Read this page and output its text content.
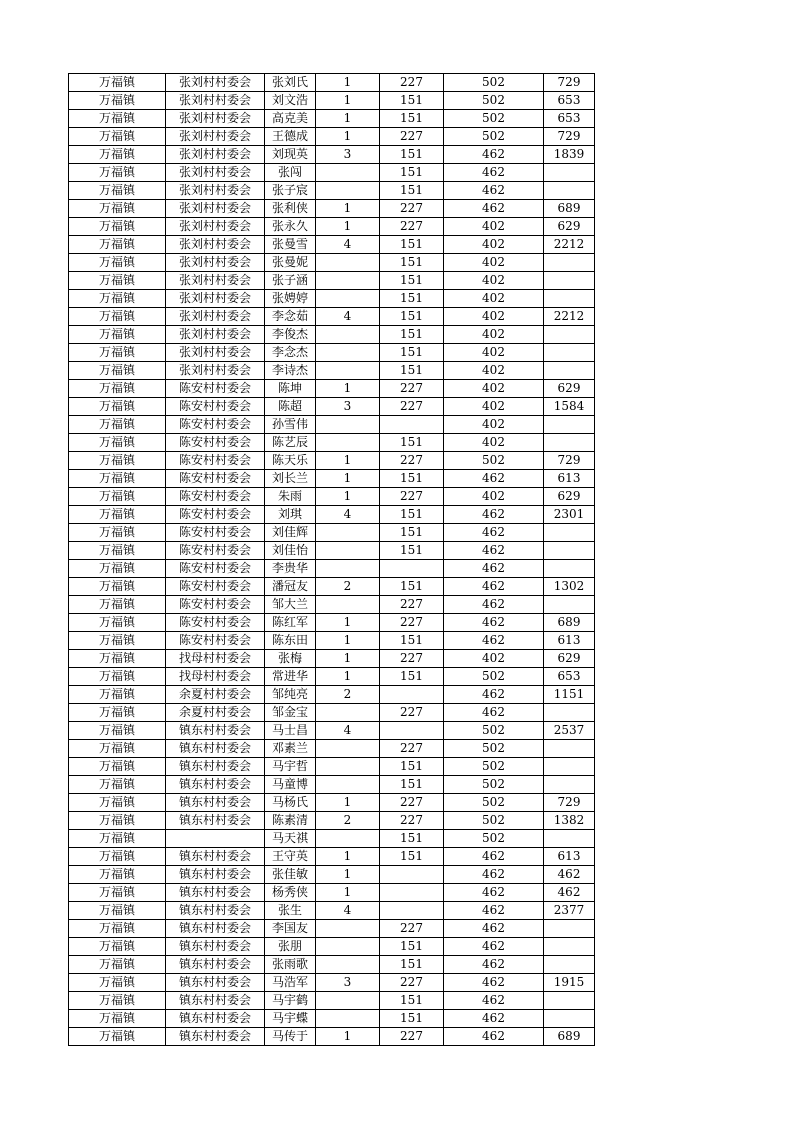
万福镇	张刘村村委会	张刘氏	1	227	502	729
万福镇	张刘村村委会	刘文浩	1	151	502	653
万福镇	张刘村村委会	高克美	1	151	502	653
万福镇	张刘村村委会	王德成	1	227	502	729
万福镇	张刘村村委会	刘现英	3	151	462	1839
万福镇	张刘村村委会	张闯		151	462	
万福镇	张刘村村委会	张子宸		151	462	
万福镇	张刘村村委会	张利侠	1	227	462	689
万福镇	张刘村村委会	张永久	1	227	402	629
万福镇	张刘村村委会	张曼雪	4	151	402	2212
万福镇	张刘村村委会	张曼妮		151	402	
万福镇	张刘村村委会	张子涵		151	402	
万福镇	张刘村村委会	张娉婷		151	402	
万福镇	张刘村村委会	李念茹	4	151	402	2212
万福镇	张刘村村委会	李俊杰		151	402	
万福镇	张刘村村委会	李念杰		151	402	
万福镇	张刘村村委会	李诗杰		151	402	
万福镇	陈安村村委会	陈坤	1	227	402	629
万福镇	陈安村村委会	陈超	3	227	402	1584
万福镇	陈安村村委会	孙雪伟			402	
万福镇	陈安村村委会	陈艺辰		151	402	
万福镇	陈安村村委会	陈天乐	1	227	502	729
万福镇	陈安村村委会	刘长兰	1	151	462	613
万福镇	陈安村村委会	朱雨	1	227	402	629
万福镇	陈安村村委会	刘琪	4	151	462	2301
万福镇	陈安村村委会	刘佳辉		151	462	
万福镇	陈安村村委会	刘佳怡		151	462	
万福镇	陈安村村委会	李贵华			462	
万福镇	陈安村村委会	潘冠友	2	151	462	1302
万福镇	陈安村村委会	邹大兰		227	462	
万福镇	陈安村村委会	陈红军	1	227	462	689
万福镇	陈安村村委会	陈东田	1	151	462	613
万福镇	找母村村委会	张梅	1	227	402	629
万福镇	找母村村委会	常进华	1	151	502	653
万福镇	余夏村村委会	邹纯亮	2		462	1151
万福镇	余夏村村委会	邹金宝		227	462	
万福镇	镇东村村委会	马士昌	4		502	2537
万福镇	镇东村村委会	邓素兰		227	502	
万福镇	镇东村村委会	马宇哲		151	502	
万福镇	镇东村村委会	马童博		151	502	
万福镇	镇东村村委会	马杨氏	1	227	502	729
万福镇	镇东村村委会	陈素清	2	227	502	1382
万福镇		马天祺		151	502	
万福镇	镇东村村委会	王守英	1	151	462	613
万福镇	镇东村村委会	张佳敏	1		462	462
万福镇	镇东村村委会	杨秀侠	1		462	462
万福镇	镇东村村委会	张生	4		462	2377
万福镇	镇东村村委会	李国友		227	462	
万福镇	镇东村村委会	张朋		151	462	
万福镇	镇东村村委会	张雨歌		151	462	
万福镇	镇东村村委会	马浩军	3	227	462	1915
万福镇	镇东村村委会	马宇鹤		151	462	
万福镇	镇东村村委会	马宇蝶		151	462	
万福镇	镇东村村委会	马传于	1	227	462	689
